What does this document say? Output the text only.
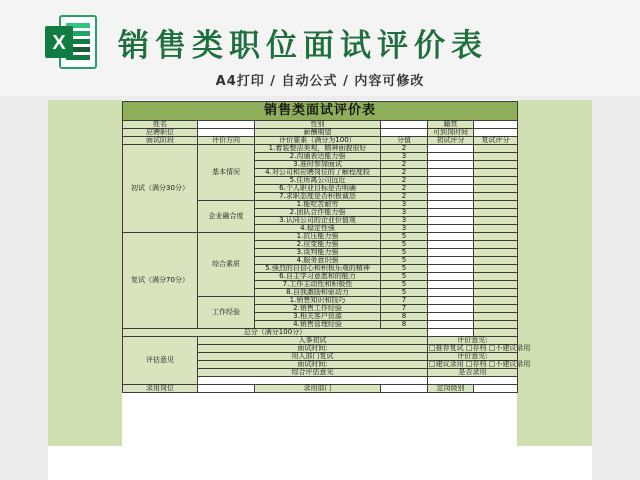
X 销售类职位面试评价表
A4打印 / 自动公式 / 内容可修改
销售类面试评价表					
姓名		性别		籍贯	
应聘职位		薪酬期望		可到岗时间	
面试阶段	评价方向	评价要素（满分为100）	分值	初试评分	复试评分
初试（满分30分）	基本情况	1.着装整洁美观，精神面貌很好	2		
		2.沟通表达能力强	3		
		3.准时参加面试	2		
		4.对公司和应聘岗位的了解程度较	2		
		5.住所离公司远近	2		
		6.个人职业目标是否明确	2		
		7.求职态度是否积极诚恳	2		
	企业融合度	1.能吃苦耐劳	3		
		2.团队合作能力强	3		
		3.认同公司的企业价值观	3		
		4.稳定性强	3		
复试（满分70分）	综合素质	1.抗压能力强	5		
		2.应变能力强	5		
		3.谈判能力强	5		
		4.服务意识强	5		
		5.强烈的自信心和积极乐观的精神	5		
		6.自主学习意愿和的能力	5		
		7.工作主动性和积极性	5		
		8.自我激励和驱动力	5		
	工作经验	1.销售知识和技巧	7		
		2.销售工作经验	7		
		3.相关客户资源	8		
		4.销售管理经验	8		
总分（满分100分）					
评估意见	人事初试			评价意见:	
	面试时间:			□推荐复试 □存档 □不建议录用	
	用人部门复试			评价意见:	
	面试时间:			□建议录用 □存档 □不建议录用	
	综合评估意见			是否录用	

录用岗位		录用部门		定岗级别	
